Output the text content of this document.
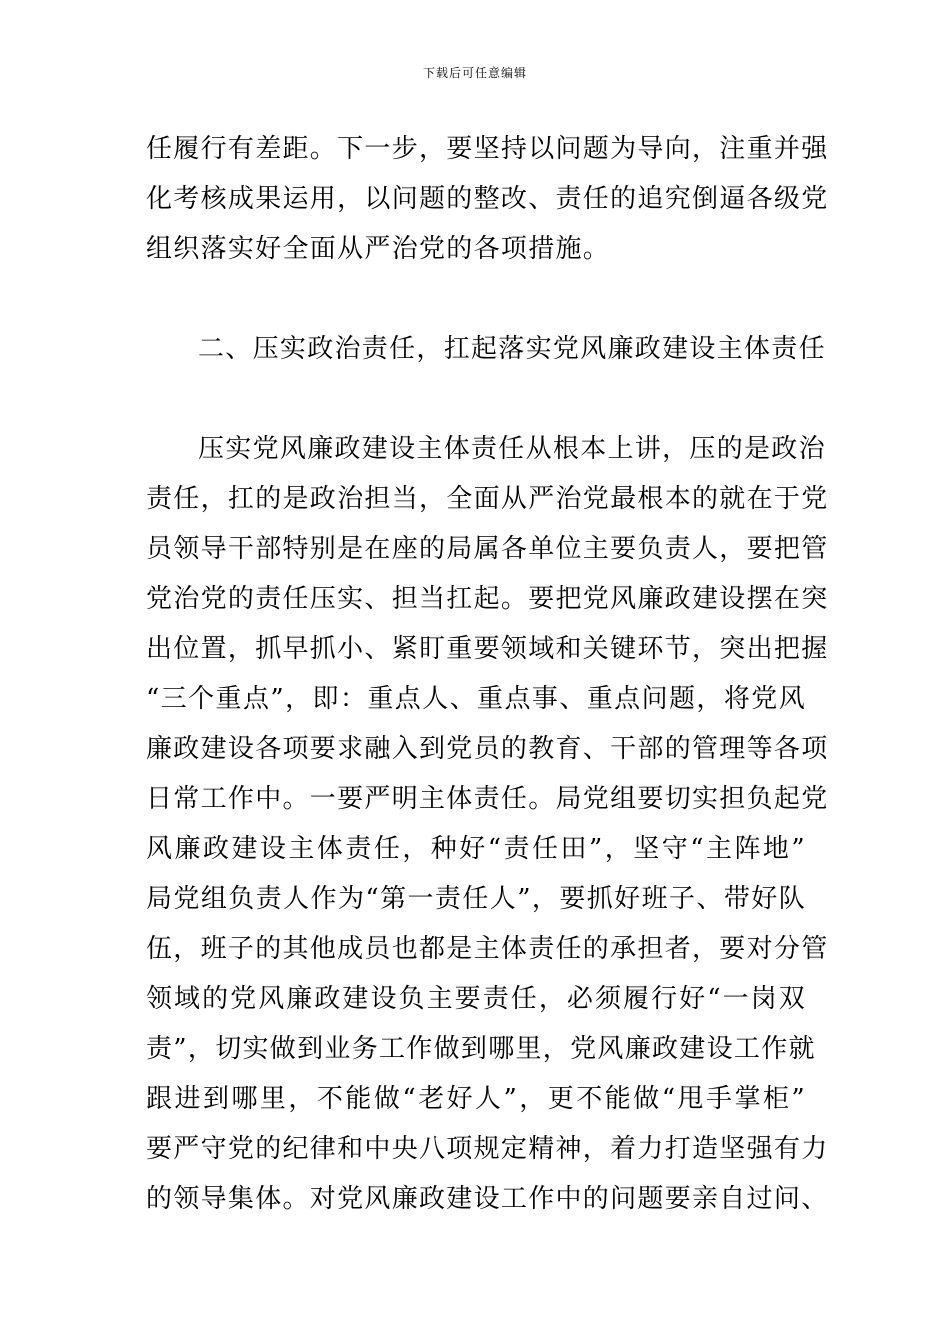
下载后可任意编辑
任履行有差距。下一步，要坚持以问题为导向，注重并强
化考核成果运用，以问题的整改、责任的追究倒逼各级党
组织落实好全面从严治党的各项措施。
二、压实政治责任，扛起落实党风廉政建设主体责任
压实党风廉政建设主体责任从根本上讲，压的是政治
责任，扛的是政治担当，全面从严治党最根本的就在于党
员领导干部特别是在座的局属各单位主要负责人，要把管
党治党的责任压实、担当扛起。要把党风廉政建设摆在突
出位置，抓早抓小、紧盯重要领域和关键环节，突出把握
“三个重点”，即：重点人、重点事、重点问题，将党风
廉政建设各项要求融入到党员的教育、干部的管理等各项
日常工作中。一要严明主体责任。局党组要切实担负起党
风廉政建设主体责任，种好“责任田”，坚守“主阵地”
局党组负责人作为“第一责任人”，要抓好班子、带好队
伍，班子的其他成员也都是主体责任的承担者，要对分管
领域的党风廉政建设负主要责任，必须履行好“一岗双
责”，切实做到业务工作做到哪里，党风廉政建设工作就
跟进到哪里，不能做“老好人”，更不能做“甩手掌柜”
要严守党的纪律和中央八项规定精神，着力打造坚强有力
的领导集体。对党风廉政建设工作中的问题要亲自过问、
